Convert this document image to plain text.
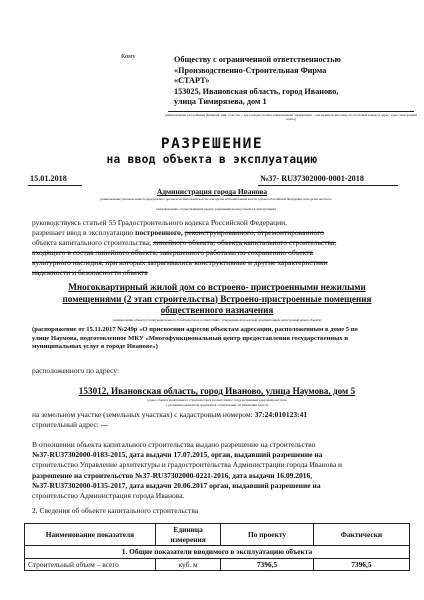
Кому	Обществу с ограниченной ответственностью
«Производственно-Строительная Фирма
«СТАРТ»
153025, Ивановская область, город Иваново,
улица Тимирязева, дом 1
(наименование застройщика (фамилия, имя, отчество – для граждан, полное наименование организации – для юридических лиц), его почтовый индекс и адрес, адрес электронной почты)
РАЗРЕШЕНИЕ
на ввод объекта в эксплуатацию
15.01.2018	№37- RU37302000-0001-2018
Администрация города Иванова
(наименование уполномоченного федерального органа исполнительной власти, или органа исполнительной власти субъекта Российской Федерации, или органа местного
самоуправления, осуществляющих выдачу разрешения на ввод объекта в эксплуатацию)
руководствуясь статьей 55 Градостроительного кодекса Российской Федерации,
разрешает ввод в эксплуатацию построенного, реконструированного, отремонтированного
объекта капитального строительства; линейного объекта; объекта капитального строительства,
входящего в состав линейного объекта; завершенного работами по сохранению объекта
культурного наследия, при которых затрагивались конструктивные и другие характеристики
надежности и безопасности объекта
Многоквартирный жилой дом со встроено- пристроенными нежилыми
помещениями (2 этап строительства) Встроено-пристроенные помещения
общественного назначения
(наименование объекта (этапа) капитального строительства в соответствии с утвержденной проектной документацией, кадастровый номер объекта)
(распоряжение от 15.11.2017 №249р «О присвоении адресов объектам адресации, расположенным в доме 5 по
улице Наумова, подготовленное МКУ «Многофункциональный центр предоставления государственных и
муниципальных услуг в городе Иванове»)
расположенного по адресу:
153012, Ивановская область, город Иваново, улица Наумова, дом 5
(адрес объекта капитального строительства в соответствии с государственным адресным реестром
с указанием реквизитов документов о присвоении, об изменении адреса)
на земельном участке (земельных участках) с кадастровым номером: 37:24:010123:41
строительный адрес: ---
В отношении объекта капитального строительства выдано разрешение на строительство
№37-RU37302000-0183-2015, дата выдачи 17.07.2015, орган, выдавший разрешение на
строительство Управление архитектуры и градостроительства Администрации города Иванова и
разрешение на строительство №37-RU37302000-0221-2016, дата выдачи 16.09.2016,
№37-RU37302000-0135-2017, дата выдачи 20.06.2017 орган, выдавший разрешение на
строительство Администрация города Иванова.
2. Сведения об объекте капитального строительства
Наименование показателя	Единица измерения	По проекту	Фактически
1. Общие показатели вводимого в эксплуатацию объекта			
Строительный объем – всего	куб. м	7396,5	7396,5
